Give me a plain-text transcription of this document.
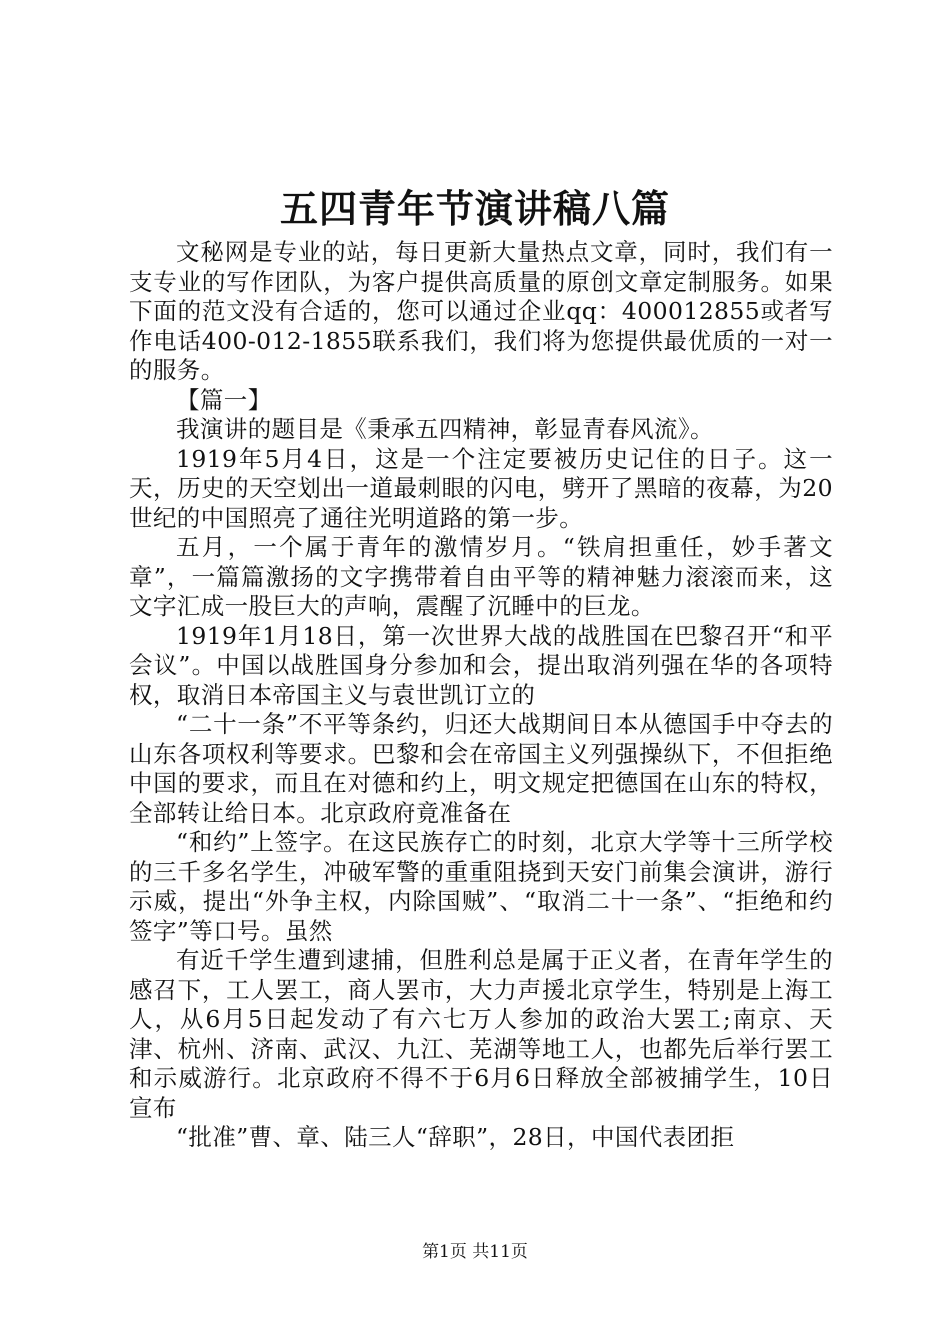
五四青年节演讲稿八篇

文秘网是专业的站，每日更新大量热点文章，同时，我们有一支专业的写作团队，为客户提供高质量的原创文章定制服务。如果下面的范文没有合适的，您可以通过企业qq：400012855或者写作电话400-012-1855联系我们，我们将为您提供最优质的一对一的服务。

【篇一】

我演讲的题目是《秉承五四精神，彰显青春风流》。

1919年5月4日，这是一个注定要被历史记住的日子。这一天，历史的天空划出一道最刺眼的闪电，劈开了黑暗的夜幕，为20世纪的中国照亮了通往光明道路的第一步。

五月，一个属于青年的激情岁月。“铁肩担重任，妙手著文章”，一篇篇激扬的文字携带着自由平等的精神魅力滚滚而来，这文字汇成一股巨大的声响，震醒了沉睡中的巨龙。

1919年1月18日，第一次世界大战的战胜国在巴黎召开“和平会议”。中国以战胜国身分参加和会，提出取消列强在华的各项特权，取消日本帝国主义与袁世凯订立的

“二十一条”不平等条约，归还大战期间日本从德国手中夺去的山东各项权利等要求。巴黎和会在帝国主义列强操纵下，不但拒绝中国的要求，而且在对德和约上，明文规定把德国在山东的特权，全部转让给日本。北京政府竟准备在

“和约”上签字。在这民族存亡的时刻，北京大学等十三所学校的三千多名学生，冲破军警的重重阻挠到天安门前集会演讲，游行示威，提出“外争主权，内除国贼”、“取消二十一条”、“拒绝和约签字”等口号。虽然

有近千学生遭到逮捕，但胜利总是属于正义者，在青年学生的感召下，工人罢工，商人罢市，大力声援北京学生，特别是上海工人，从6月5日起发动了有六七万人参加的政治大罢工;南京、天津、杭州、济南、武汉、九江、芜湖等地工人，也都先后举行罢工和示威游行。北京政府不得不于6月6日释放全部被捕学生，10日宣布

“批准”曹、章、陆三人“辞职”，28日，中国代表团拒

第1页 共11页
